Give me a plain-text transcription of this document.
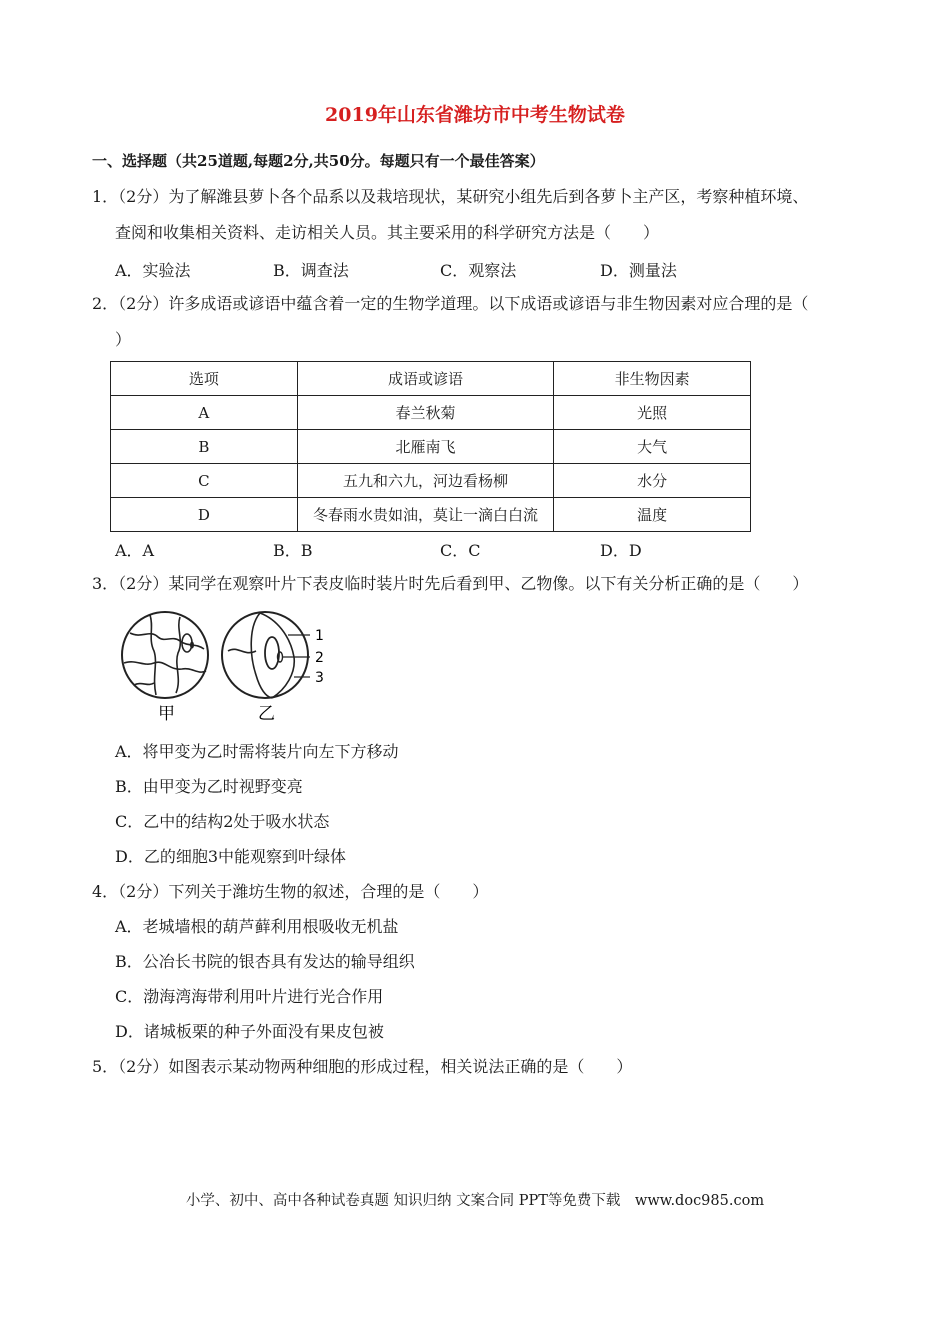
2019年山东省潍坊市中考生物试卷
一、选择题（共25道题,每题2分,共50分。每题只有一个最佳答案）
1．（2分）为了解潍县萝卜各个品系以及栽培现状，某研究小组先后到各萝卜主产区，考察种植环境、
查阅和收集相关资料、走访相关人员。其主要采用的科学研究方法是（　　）
A．实验法	B．调查法	C．观察法	D．测量法
2．（2分）许多成语或谚语中蕴含着一定的生物学道理。以下成语或谚语与非生物因素对应合理的是（
）
选项	成语或谚语	非生物因素
A	春兰秋菊	光照
B	北雁南飞	大气
C	五九和六九，河边看杨柳	水分
D	冬春雨水贵如油，莫让一滴白白流	温度
A．A	B．B	C．C	D．D
3．（2分）某同学在观察叶片下表皮临时装片时先后看到甲、乙物像。以下有关分析正确的是（　　）
1
2
3
甲	乙
A．将甲变为乙时需将装片向左下方移动
B．由甲变为乙时视野变亮
C．乙中的结构2处于吸水状态
D．乙的细胞3中能观察到叶绿体
4．（2分）下列关于潍坊生物的叙述，合理的是（　　）
A．老城墙根的葫芦藓利用根吸收无机盐
B．公冶长书院的银杏具有发达的输导组织
C．渤海湾海带利用叶片进行光合作用
D．诸城板栗的种子外面没有果皮包被
5．（2分）如图表示某动物两种细胞的形成过程，相关说法正确的是（　　）
小学、初中、高中各种试卷真题 知识归纳 文案合同 PPT等免费下载　www.doc985.com
